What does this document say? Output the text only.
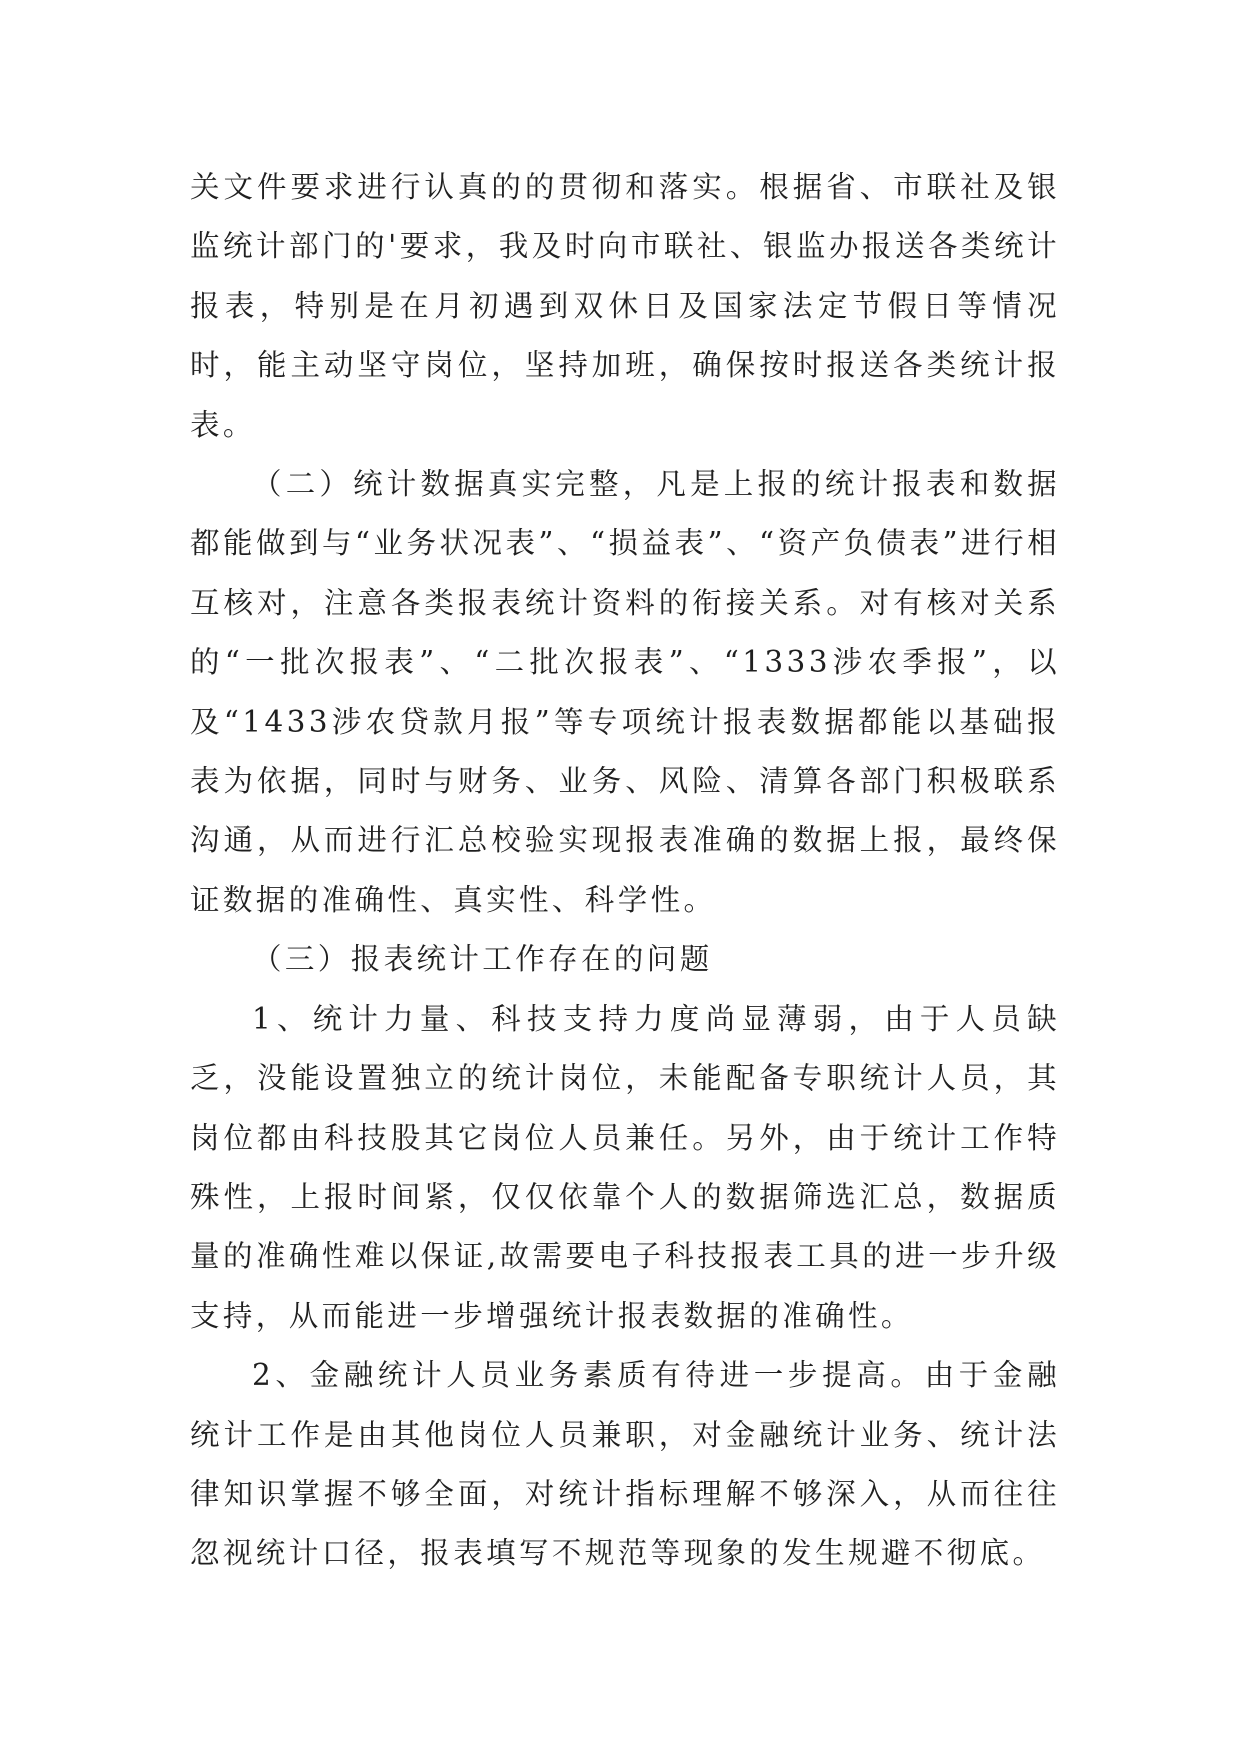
关文件要求进行认真的的贯彻和落实。根据省、市联社及银监统计部门的'要求，我及时向市联社、银监办报送各类统计报表，特别是在月初遇到双休日及国家法定节假日等情况时，能主动坚守岗位，坚持加班，确保按时报送各类统计报表。

（二）统计数据真实完整，凡是上报的统计报表和数据都能做到与“业务状况表”、“损益表”、“资产负债表”进行相互核对，注意各类报表统计资料的衔接关系。对有核对关系的“一批次报表”、“二批次报表”、“1333涉农季报”，以及“1433涉农贷款月报”等专项统计报表数据都能以基础报表为依据，同时与财务、业务、风险、清算各部门积极联系沟通，从而进行汇总校验实现报表准确的数据上报，最终保证数据的准确性、真实性、科学性。

（三）报表统计工作存在的问题

1、统计力量、科技支持力度尚显薄弱，由于人员缺乏，没能设置独立的统计岗位，未能配备专职统计人员，其岗位都由科技股其它岗位人员兼任。另外，由于统计工作特殊性，上报时间紧，仅仅依靠个人的数据筛选汇总，数据质量的准确性难以保证,故需要电子科技报表工具的进一步升级支持，从而能进一步增强统计报表数据的准确性。

2、金融统计人员业务素质有待进一步提高。由于金融统计工作是由其他岗位人员兼职，对金融统计业务、统计法律知识掌握不够全面，对统计指标理解不够深入，从而往往忽视统计口径，报表填写不规范等现象的发生规避不彻底。
